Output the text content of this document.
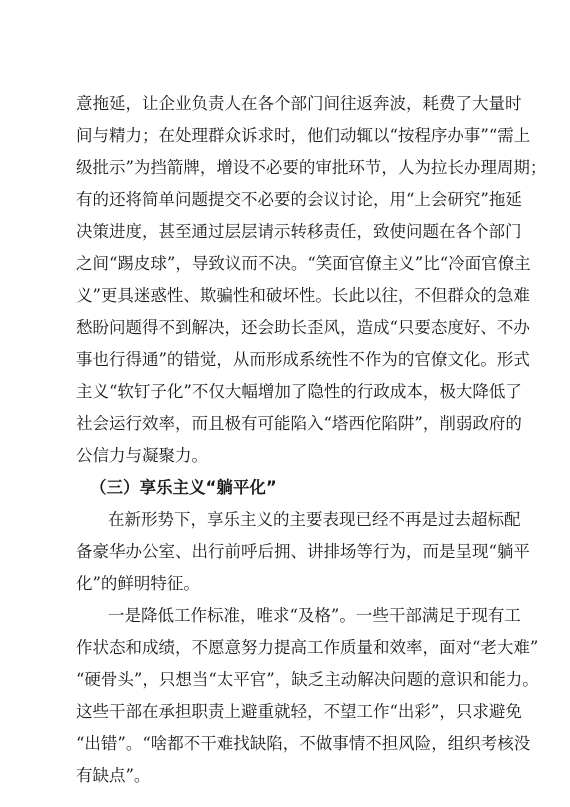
意拖延，让企业负责人在各个部门间往返奔波，耗费了大量时
间与精力；在处理群众诉求时，他们动辄以“按程序办事”“需上
级批示”为挡箭牌，增设不必要的审批环节，人为拉长办理周期；
有的还将简单问题提交不必要的会议讨论，用“上会研究”拖延
决策进度，甚至通过层层请示转移责任，致使问题在各个部门
之间“踢皮球”，导致议而不决。“笑面官僚主义”比“冷面官僚主
义”更具迷惑性、欺骗性和破坏性。长此以往，不但群众的急难
愁盼问题得不到解决，还会助长歪风，造成“只要态度好、不办
事也行得通”的错觉，从而形成系统性不作为的官僚文化。形式
主义“软钉子化”不仅大幅增加了隐性的行政成本，极大降低了
社会运行效率，而且极有可能陷入“塔西佗陷阱”，削弱政府的
公信力与凝聚力。
（三）享乐主义“躺平化”
在新形势下，享乐主义的主要表现已经不再是过去超标配
备豪华办公室、出行前呼后拥、讲排场等行为，而是呈现“躺平
化”的鲜明特征。
一是降低工作标准，唯求“及格”。一些干部满足于现有工
作状态和成绩，不愿意努力提高工作质量和效率，面对“老大难”
“硬骨头”，只想当“太平官”，缺乏主动解决问题的意识和能力。
这些干部在承担职责上避重就轻，不望工作“出彩”，只求避免
“出错”。“啥都不干难找缺陷，不做事情不担风险，组织考核没
有缺点”。
